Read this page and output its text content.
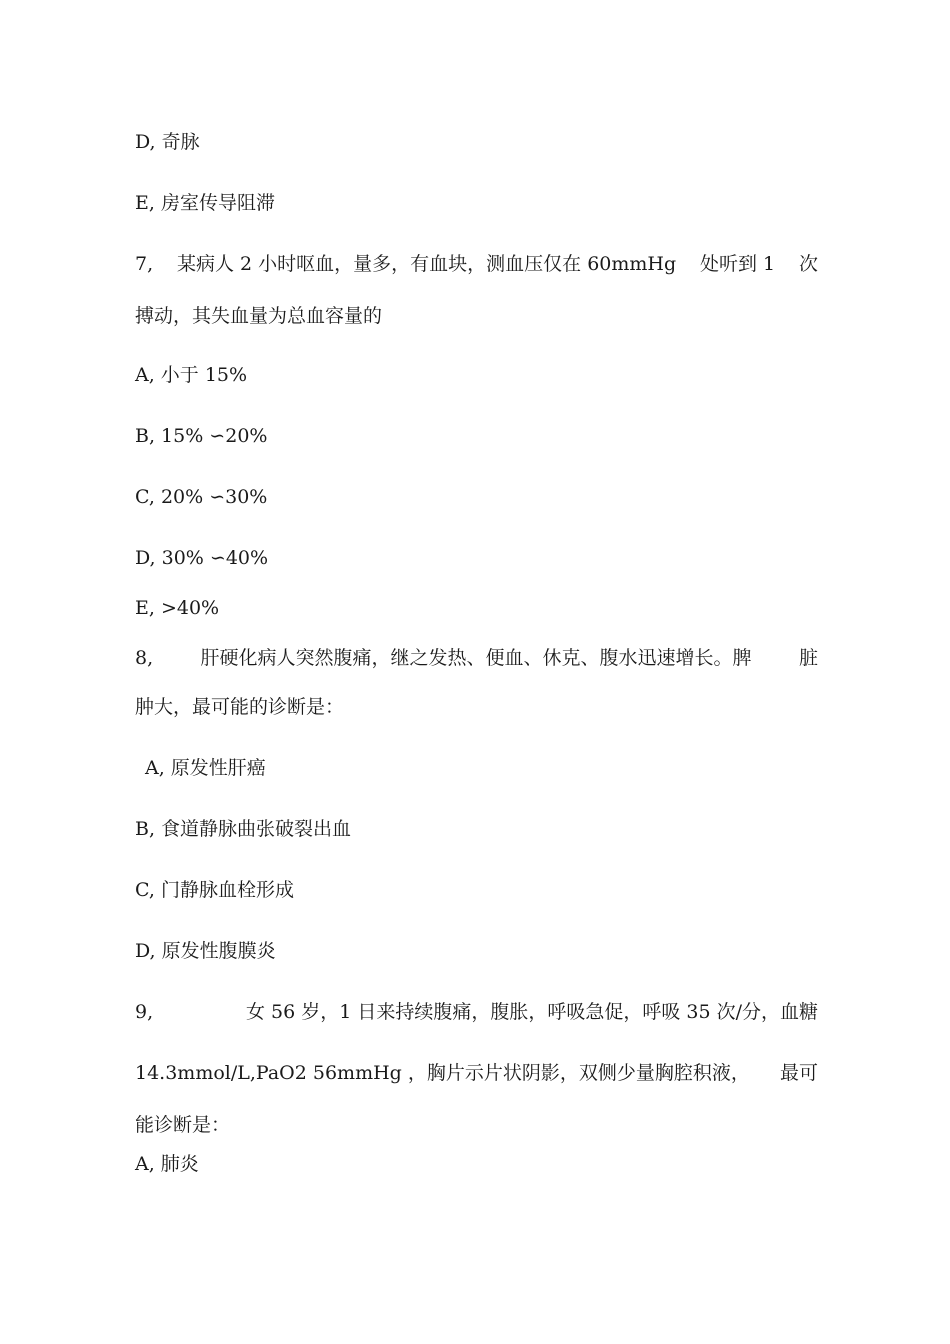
D, 奇脉
E, 房室传导阻滞
7, 某病人 2 小时呕血，量多，有血块，测血压仅在 60mmHg 处听到 1 次
搏动，其失血量为总血容量的
A, 小于 15%
B, 15% ∽20%
C, 20% ∽30%
D, 30% ∽40%
E, >40%
8, 肝硬化病人突然腹痛，继之发热、便血、休克、腹水迅速增长。脾 脏
肿大，最可能的诊断是：
A, 原发性肝癌
B, 食道静脉曲张破裂出血
C, 门静脉血栓形成
D, 原发性腹膜炎
9,	女 56 岁，1 日来持续腹痛，腹胀，呼吸急促，呼吸 35 次/分，血糖
14.3mmol/L,PaO2 56mmHg ，胸片示片状阴影，双侧少量胸腔积液， 最可
能诊断是：
A, 肺炎
